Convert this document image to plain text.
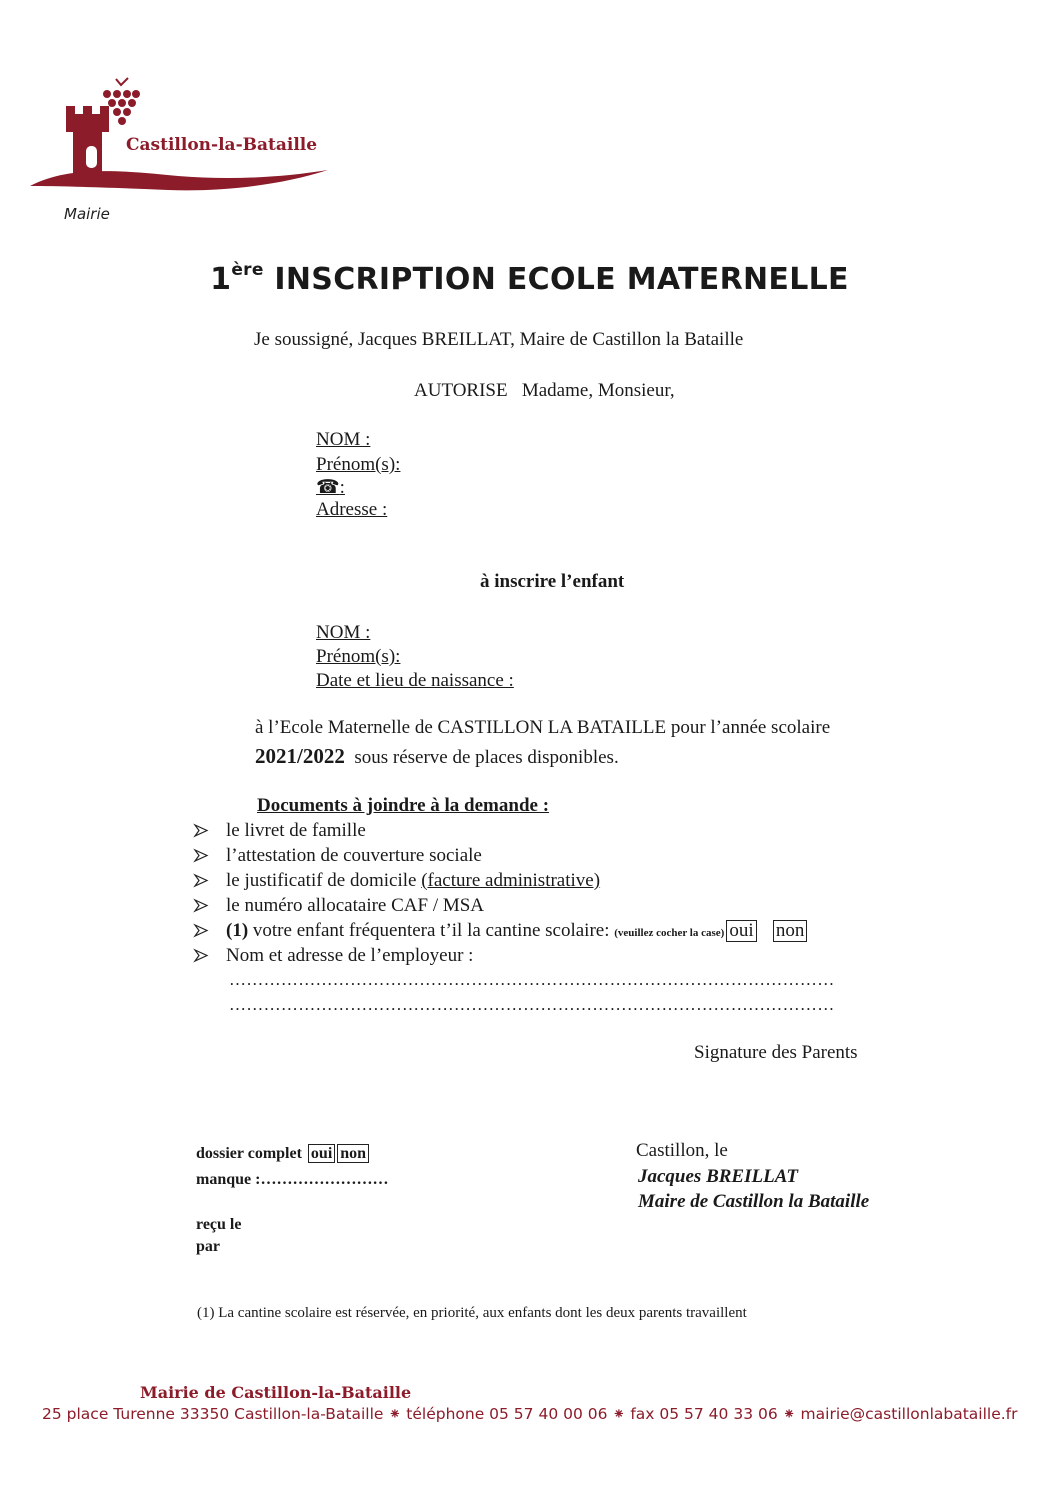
Castillon-la-Bataille
Mairie
1ère INSCRIPTION ECOLE MATERNELLE
Je soussigné, Jacques BREILLAT, Maire de Castillon la Bataille
AUTORISE   Madame, Monsieur,
NOM :
Prénom(s):
☎:
Adresse :
à inscrire l’enfant
NOM :
Prénom(s):
Date et lieu de naissance :
à l’Ecole Maternelle de CASTILLON LA BATAILLE pour l’année scolaire
2021/2022 sous réserve de places disponibles.
Documents à joindre à la demande :
le livret de famille
l’attestation de couverture sociale
le justificatif de domicile (facture administrative)
le numéro allocataire CAF / MSA
(1) votre enfant fréquentera t’il la cantine scolaire: (veuillez cocher la case) oui non
Nom et adresse de l’employeur :
……………………………………………………………………………………………
……………………………………………………………………………………………
Signature des Parents
dossier complet oui non
manque :……………………
reçu le
par
Castillon, le
Jacques BREILLAT
Maire de Castillon la Bataille
(1) La cantine scolaire est réservée, en priorité, aux enfants dont les deux parents travaillent
Mairie de Castillon-la-Bataille
25 place Turenne 33350 Castillon-la-Bataille ⁕ téléphone 05 57 40 00 06 ⁕ fax 05 57 40 33 06 ⁕ mairie@castillonlabataille.fr
